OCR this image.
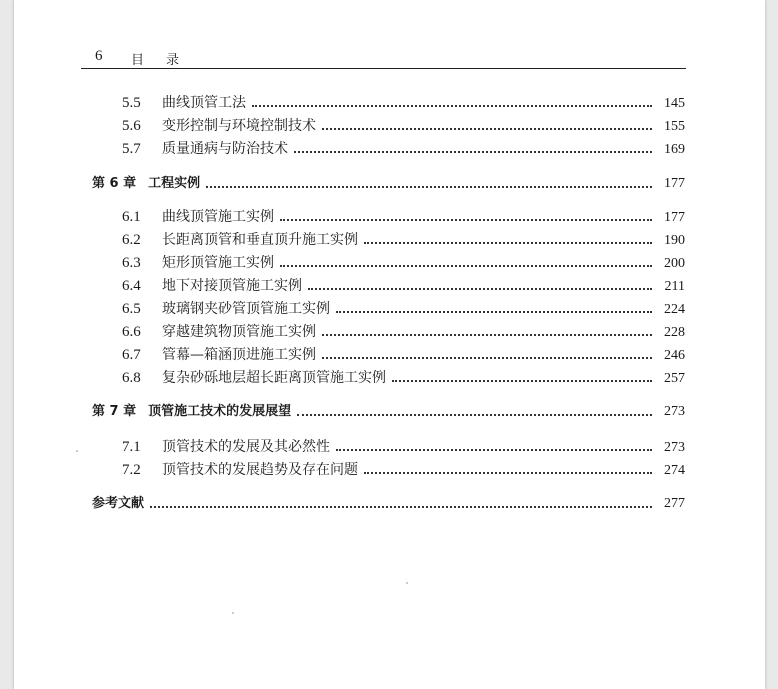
6 目录
5.5	曲线顶管工法	145
5.6	变形控制与环境控制技术	155
5.7	质量通病与防治技术	169
第 6 章 工程实例	177
6.1	曲线顶管施工实例	177
6.2	长距离顶管和垂直顶升施工实例	190
6.3	矩形顶管施工实例	200
6.4	地下对接顶管施工实例	211
6.5	玻璃钢夹砂管顶管施工实例	224
6.6	穿越建筑物顶管施工实例	228
6.7	管幕—箱涵顶进施工实例	246
6.8	复杂砂砾地层超长距离顶管施工实例	257
第 7 章 顶管施工技术的发展展望	273
7.1	顶管技术的发展及其必然性	273
7.2	顶管技术的发展趋势及存在问题	274
参考文献	277
